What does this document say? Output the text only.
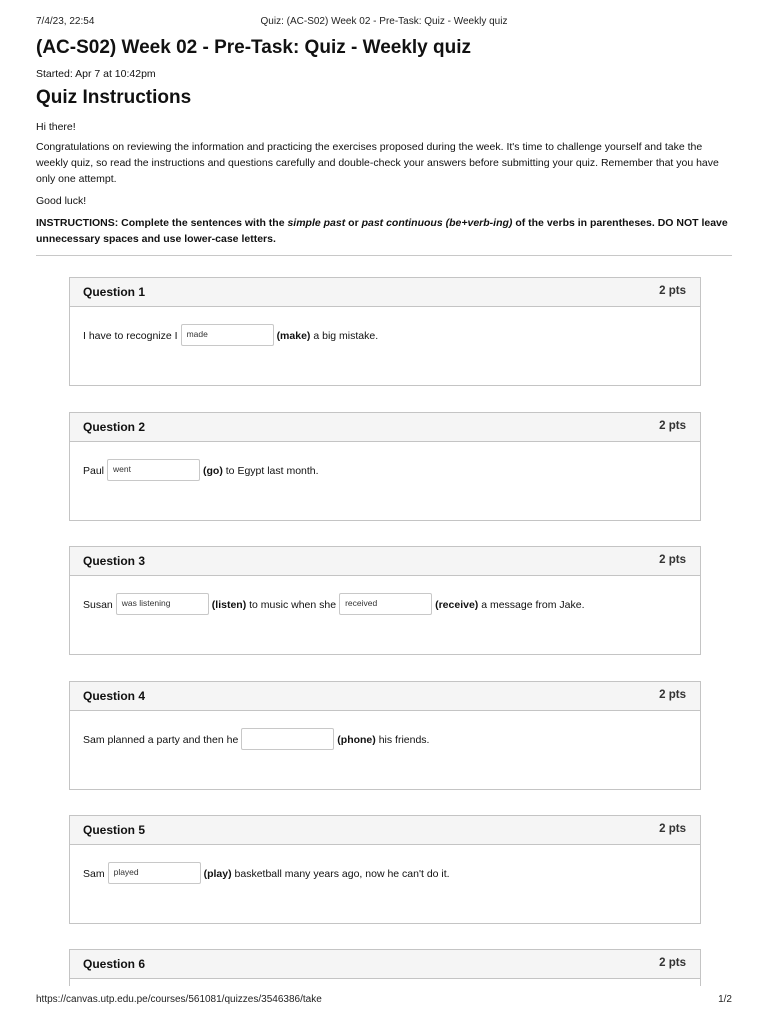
7/4/23, 22:54	Quiz: (AC-S02) Week 02 - Pre-Task: Quiz - Weekly quiz
(AC-S02) Week 02 - Pre-Task: Quiz - Weekly quiz
Started: Apr 7 at 10:42pm
Quiz Instructions

Hi there!

Congratulations on reviewing the information and practicing the exercises proposed during the week. It's time to challenge yourself and take the weekly quiz, so read the instructions and questions carefully and double-check your answers before submitting your quiz. Remember that you have only one attempt.

Good luck!

INSTRUCTIONS: Complete the sentences with the simple past or past continuous (be+verb-ing) of the verbs in parentheses. DO NOT leave unnecessary spaces and use lower-case letters.

Question 1	2 pts
I have to recognize I	made	(make)
a big mistake.
Question 2	2 pts
Paul	went	(go)
to Egypt last month.
Question 3	2 pts
Susan	was listening	(listen)
to music when she	received	(receive)
a message from Jake.
Question 4	2 pts
Sam planned a party and then he	(phone)
his friends.
Question 5	2 pts
Sam	played	(play)
basketball many years ago, now he can't do it.
Question 6	2 pts
https://canvas.utp.edu.pe/courses/561081/quizzes/3546386/take	1/2
